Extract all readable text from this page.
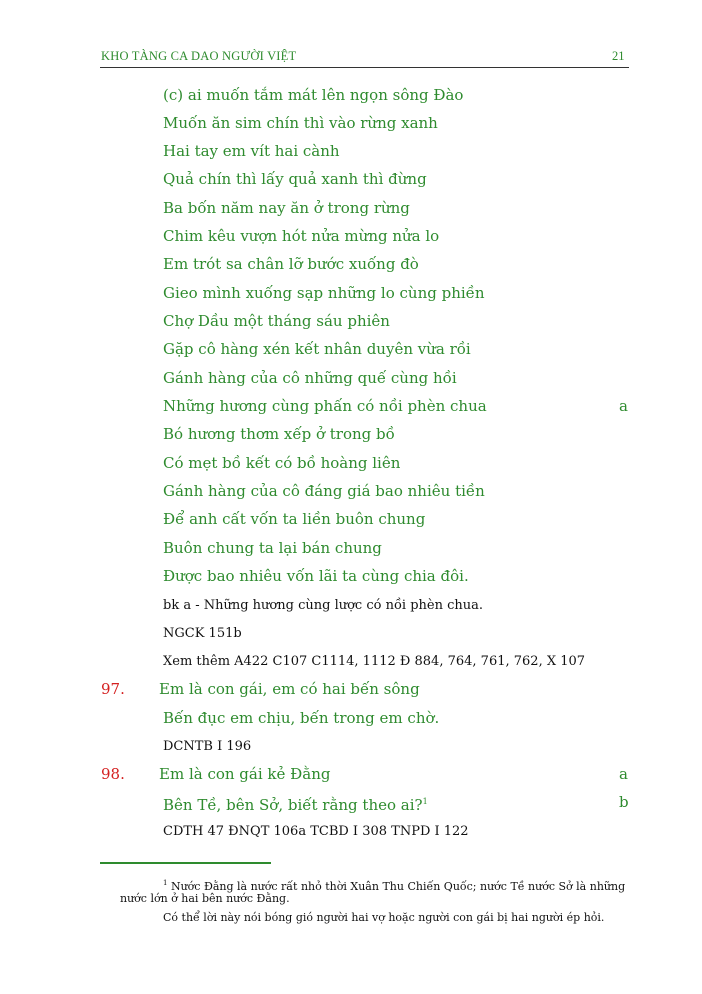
KHO TÀNG CA DAO NGƯỜI VIỆT	21
(c) ai muốn tắm mát lên ngọn sông Đào
Muốn ăn sim chín thì vào rừng xanh
Hai tay em vít hai cành
Quả chín thì lấy quả xanh thì đừng
Ba bốn năm nay ăn ở trong rừng
Chim kêu vượn hót nửa mừng nửa lo
Em trót sa chân lỡ bước xuống đò
Gieo mình xuống sạp những lo cùng phiền
Chợ Dầu một tháng sáu phiên
Gặp cô hàng xén kết nhân duyên vừa rồi
Gánh hàng của cô những quế cùng hồi
Những hương cùng phấn có nồi phèn chua	a
Bó hương thơm xếp ở trong bồ
Có mẹt bồ kết có bồ hoàng liên
Gánh hàng của cô đáng giá bao nhiêu tiền
Để anh cất vốn ta liền buôn chung
Buôn chung ta lại bán chung
Được bao nhiêu vốn lãi ta cùng chia đôi.
bk a - Những hương cùng lược có nồi phèn chua.
NGCK 151b
Xem thêm A422 C107 C1114, 1112 Đ 884, 764, 761, 762, X 107
97. Em là con gái, em có hai bến sông
Bến đục em chịu, bến trong em chờ.
DCNTB I 196
98. Em là con gái kẻ Đằng	a
Bên Tề, bên Sở, biết rằng theo ai?$^1$	b
CDTH 47 ĐNQT 106a TCBD I 308 TNPD I 122
$^1$ Nước Đằng là nước rất nhỏ thời Xuân Thu Chiến Quốc; nước Tề nước Sở là những
nước lớn ở hai bên nước Đằng.
Có thể lời này nói bóng gió người hai vợ hoặc người con gái bị hai người ép hỏi.
